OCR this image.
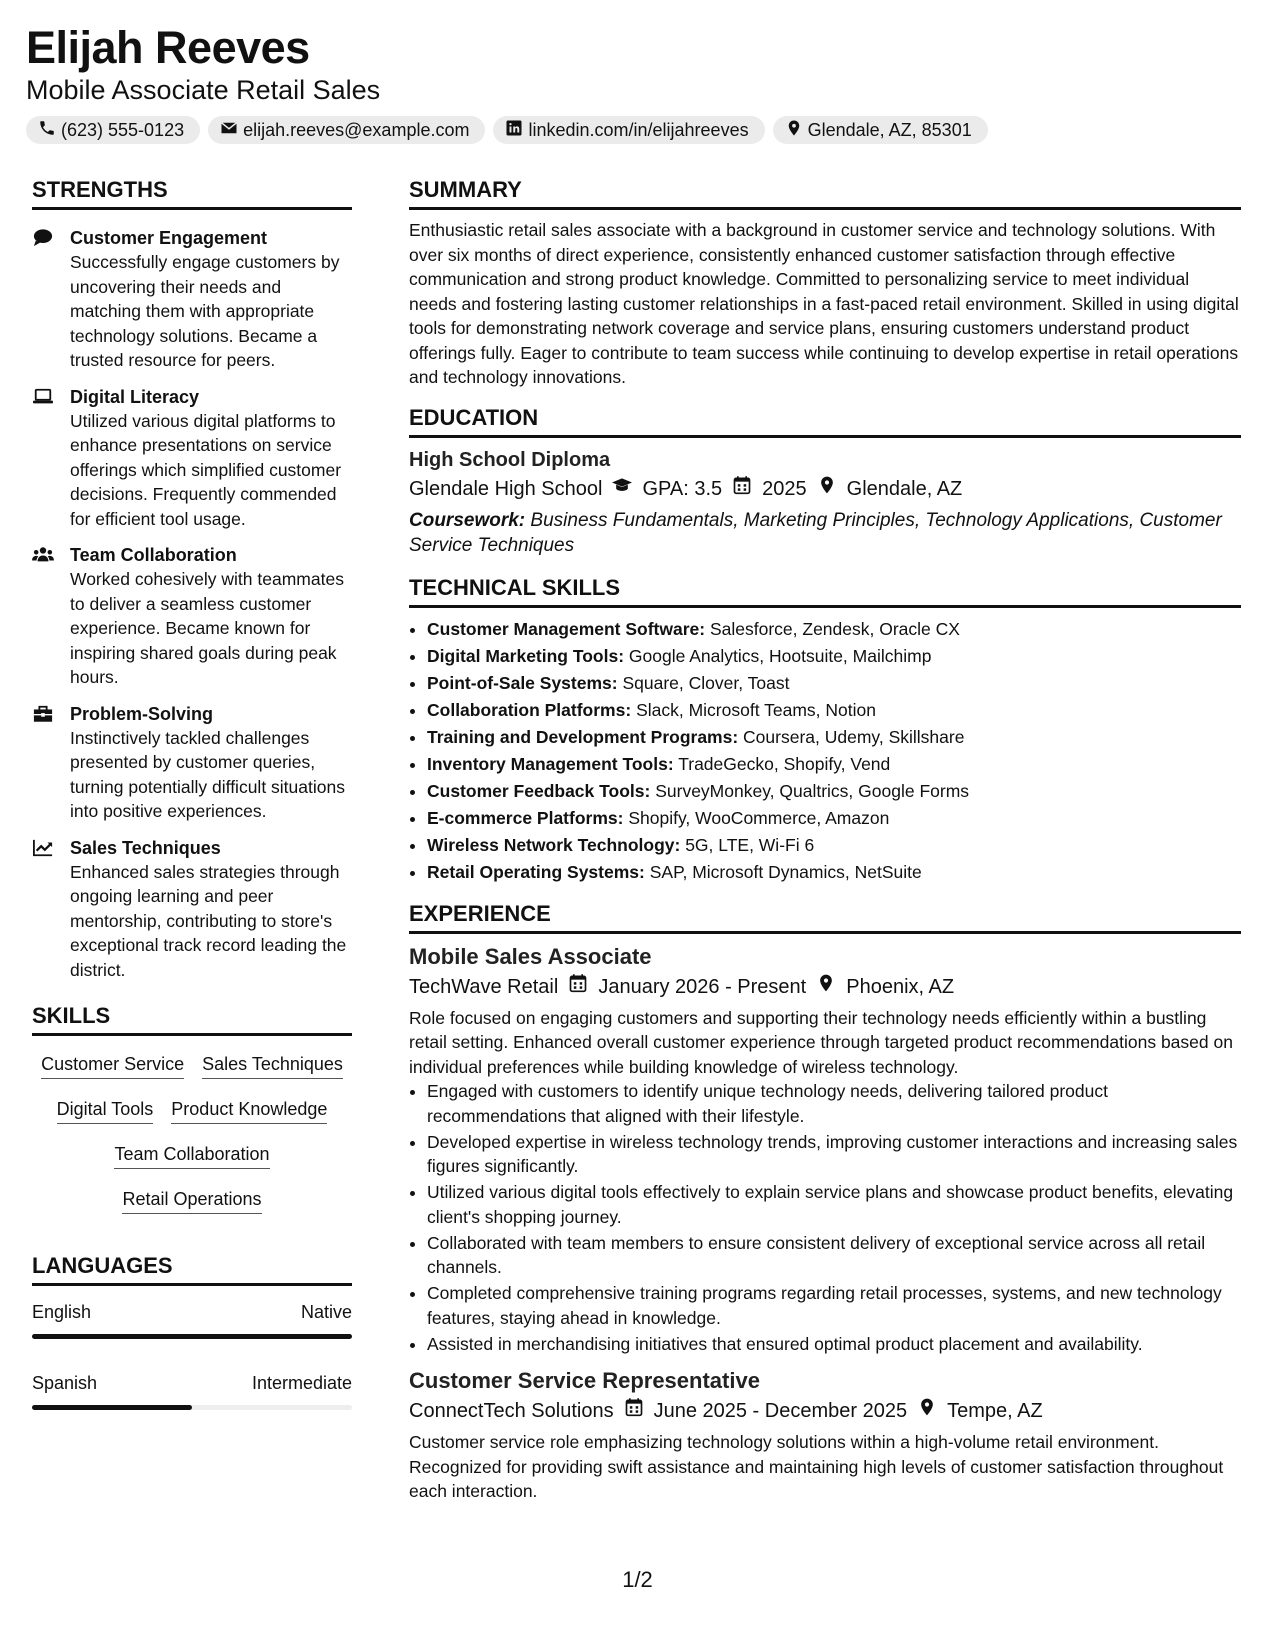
Elijah Reeves
Mobile Associate Retail Sales
(623) 555-0123	elijah.reeves@example.com	linkedin.com/in/elijahreeves	Glendale, AZ, 85301
STRENGTHS
Customer Engagement
Successfully engage customers by uncovering their needs and matching them with appropriate technology solutions. Became a trusted resource for peers.
Digital Literacy
Utilized various digital platforms to enhance presentations on service offerings which simplified customer decisions. Frequently commended for efficient tool usage.
Team Collaboration
Worked cohesively with teammates to deliver a seamless customer experience. Became known for inspiring shared goals during peak hours.
Problem-Solving
Instinctively tackled challenges presented by customer queries, turning potentially difficult situations into positive experiences.
Sales Techniques
Enhanced sales strategies through ongoing learning and peer mentorship, contributing to store's exceptional track record leading the district.
SKILLS
Customer Service Sales Techniques
Digital Tools Product Knowledge
Team Collaboration
Retail Operations
LANGUAGES
English	Native
Spanish	Intermediate
SUMMARY
Enthusiastic retail sales associate with a background in customer service and technology solutions. With over six months of direct experience, consistently enhanced customer satisfaction through effective communication and strong product knowledge. Committed to personalizing service to meet individual needs and fostering lasting customer relationships in a fast-paced retail environment. Skilled in using digital tools for demonstrating network coverage and service plans, ensuring customers understand product offerings fully. Eager to contribute to team success while continuing to develop expertise in retail operations and technology innovations.
EDUCATION
High School Diploma
Glendale High School GPA: 3.5 2025 Glendale, AZ
Coursework: Business Fundamentals, Marketing Principles, Technology Applications, Customer Service Techniques
TECHNICAL SKILLS
• Customer Management Software: Salesforce, Zendesk, Oracle CX
• Digital Marketing Tools: Google Analytics, Hootsuite, Mailchimp
• Point-of-Sale Systems: Square, Clover, Toast
• Collaboration Platforms: Slack, Microsoft Teams, Notion
• Training and Development Programs: Coursera, Udemy, Skillshare
• Inventory Management Tools: TradeGecko, Shopify, Vend
• Customer Feedback Tools: SurveyMonkey, Qualtrics, Google Forms
• E-commerce Platforms: Shopify, WooCommerce, Amazon
• Wireless Network Technology: 5G, LTE, Wi-Fi 6
• Retail Operating Systems: SAP, Microsoft Dynamics, NetSuite
EXPERIENCE
Mobile Sales Associate
TechWave Retail January 2026 - Present Phoenix, AZ
Role focused on engaging customers and supporting their technology needs efficiently within a bustling retail setting. Enhanced overall customer experience through targeted product recommendations based on individual preferences while building knowledge of wireless technology.
• Engaged with customers to identify unique technology needs, delivering tailored product recommendations that aligned with their lifestyle.
• Developed expertise in wireless technology trends, improving customer interactions and increasing sales figures significantly.
• Utilized various digital tools effectively to explain service plans and showcase product benefits, elevating client's shopping journey.
• Collaborated with team members to ensure consistent delivery of exceptional service across all retail channels.
• Completed comprehensive training programs regarding retail processes, systems, and new technology features, staying ahead in knowledge.
• Assisted in merchandising initiatives that ensured optimal product placement and availability.
Customer Service Representative
ConnectTech Solutions June 2025 - December 2025 Tempe, AZ
Customer service role emphasizing technology solutions within a high-volume retail environment. Recognized for providing swift assistance and maintaining high levels of customer satisfaction throughout each interaction.
1/2
